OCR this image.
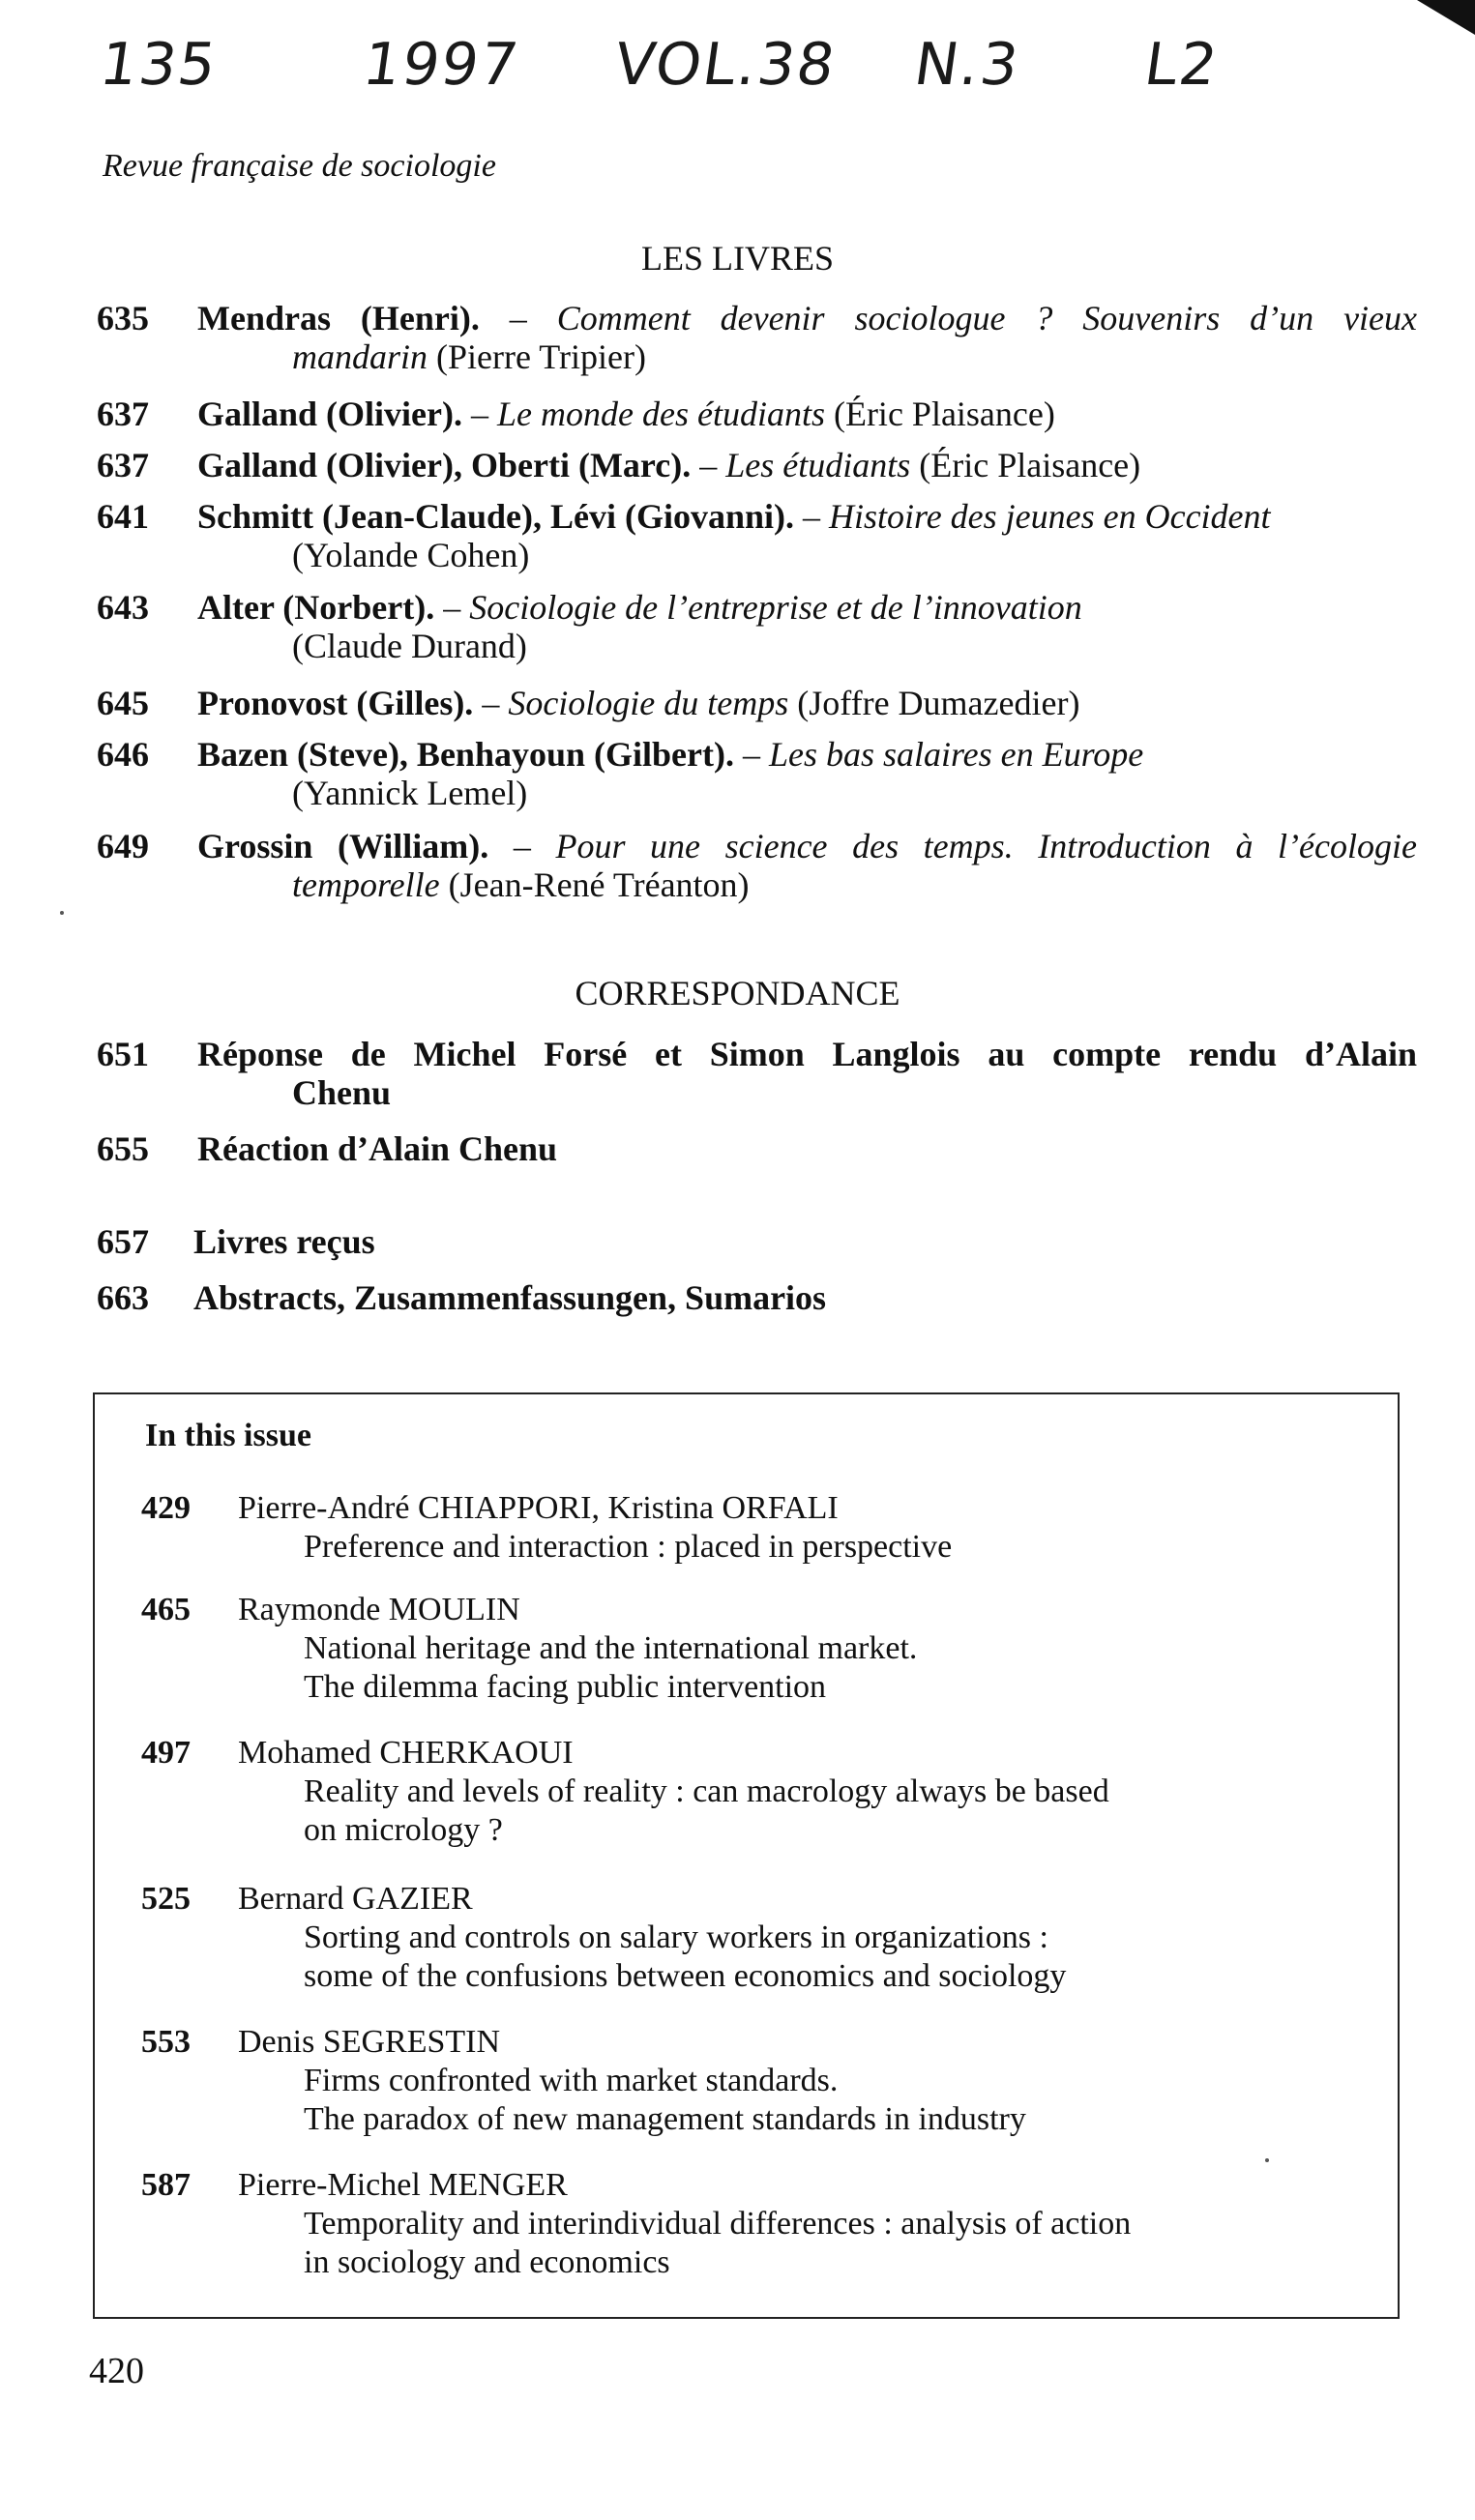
135 1997 VOL.38 N.3 L2
Revue française de sociologie
LES LIVRES
635 Mendras (Henri). – Comment devenir sociologue ? Souvenirs d’un vieux
mandarin (Pierre Tripier)
637 Galland (Olivier). – Le monde des étudiants (Éric Plaisance)
637 Galland (Olivier), Oberti (Marc). – Les étudiants (Éric Plaisance)
641 Schmitt (Jean-Claude), Lévi (Giovanni). – Histoire des jeunes en Occident
(Yolande Cohen)
643 Alter (Norbert). – Sociologie de l’entreprise et de l’innovation
(Claude Durand)
645 Pronovost (Gilles). – Sociologie du temps (Joffre Dumazedier)
646 Bazen (Steve), Benhayoun (Gilbert). – Les bas salaires en Europe
(Yannick Lemel)
649 Grossin (William). – Pour une science des temps. Introduction à l’écologie
temporelle (Jean-René Tréanton)
CORRESPONDANCE
651 Réponse de Michel Forsé et Simon Langlois au compte rendu d’Alain
Chenu
655 Réaction d’Alain Chenu
657 Livres reçus
663 Abstracts, Zusammenfassungen, Sumarios
In this issue
429 Pierre-André CHIAPPORI, Kristina ORFALI
Preference and interaction : placed in perspective
465 Raymonde MOULIN
National heritage and the international market.
The dilemma facing public intervention
497 Mohamed CHERKAOUI
Reality and levels of reality : can macrology always be based
on micrology ?
525 Bernard GAZIER
Sorting and controls on salary workers in organizations :
some of the confusions between economics and sociology
553 Denis SEGRESTIN
Firms confronted with market standards.
The paradox of new management standards in industry
587 Pierre-Michel MENGER
Temporality and interindividual differences : analysis of action
in sociology and economics
420
